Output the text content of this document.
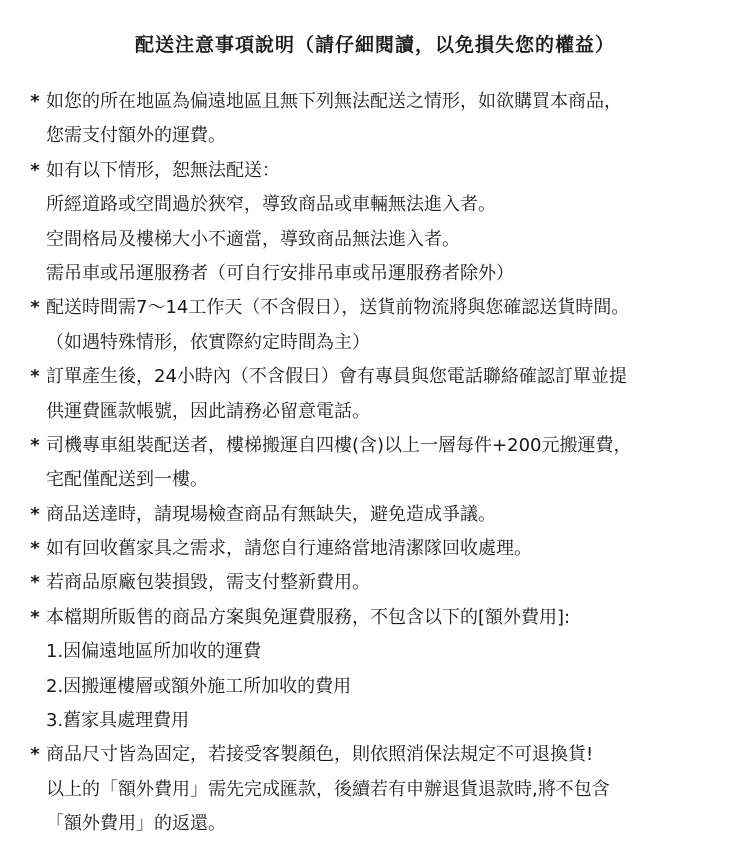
配送注意事項說明（請仔細閱讀，以免損失您的權益）
* 如您的所在地區為偏遠地區且無下列無法配送之情形，如欲購買本商品，
您需支付額外的運費。
* 如有以下情形，恕無法配送：
所經道路或空間過於狹窄，導致商品或車輛無法進入者。
空間格局及樓梯大小不適當，導致商品無法進入者。
需吊車或吊運服務者（可自行安排吊車或吊運服務者除外）
* 配送時間需7～14工作天（不含假日），送貨前物流將與您確認送貨時間。
（如遇特殊情形，依實際約定時間為主）
* 訂單產生後，24小時內（不含假日）會有專員與您電話聯絡確認訂單並提
供運費匯款帳號，因此請務必留意電話。
* 司機專車組裝配送者，樓梯搬運自四樓(含)以上一層每件+200元搬運費，
宅配僅配送到一樓。
* 商品送達時，請現場檢查商品有無缺失，避免造成爭議。
* 如有回收舊家具之需求，請您自行連絡當地清潔隊回收處理。
* 若商品原廠包裝損毀，需支付整新費用。
* 本檔期所販售的商品方案與免運費服務，不包含以下的[額外費用]:
1.因偏遠地區所加收的運費
2.因搬運樓層或額外施工所加收的費用
3.舊家具處理費用
* 商品尺寸皆為固定，若接受客製顏色，則依照消保法規定不可退換貨!
以上的「額外費用」需先完成匯款，後續若有申辦退貨退款時,將不包含
「額外費用」的返還。
